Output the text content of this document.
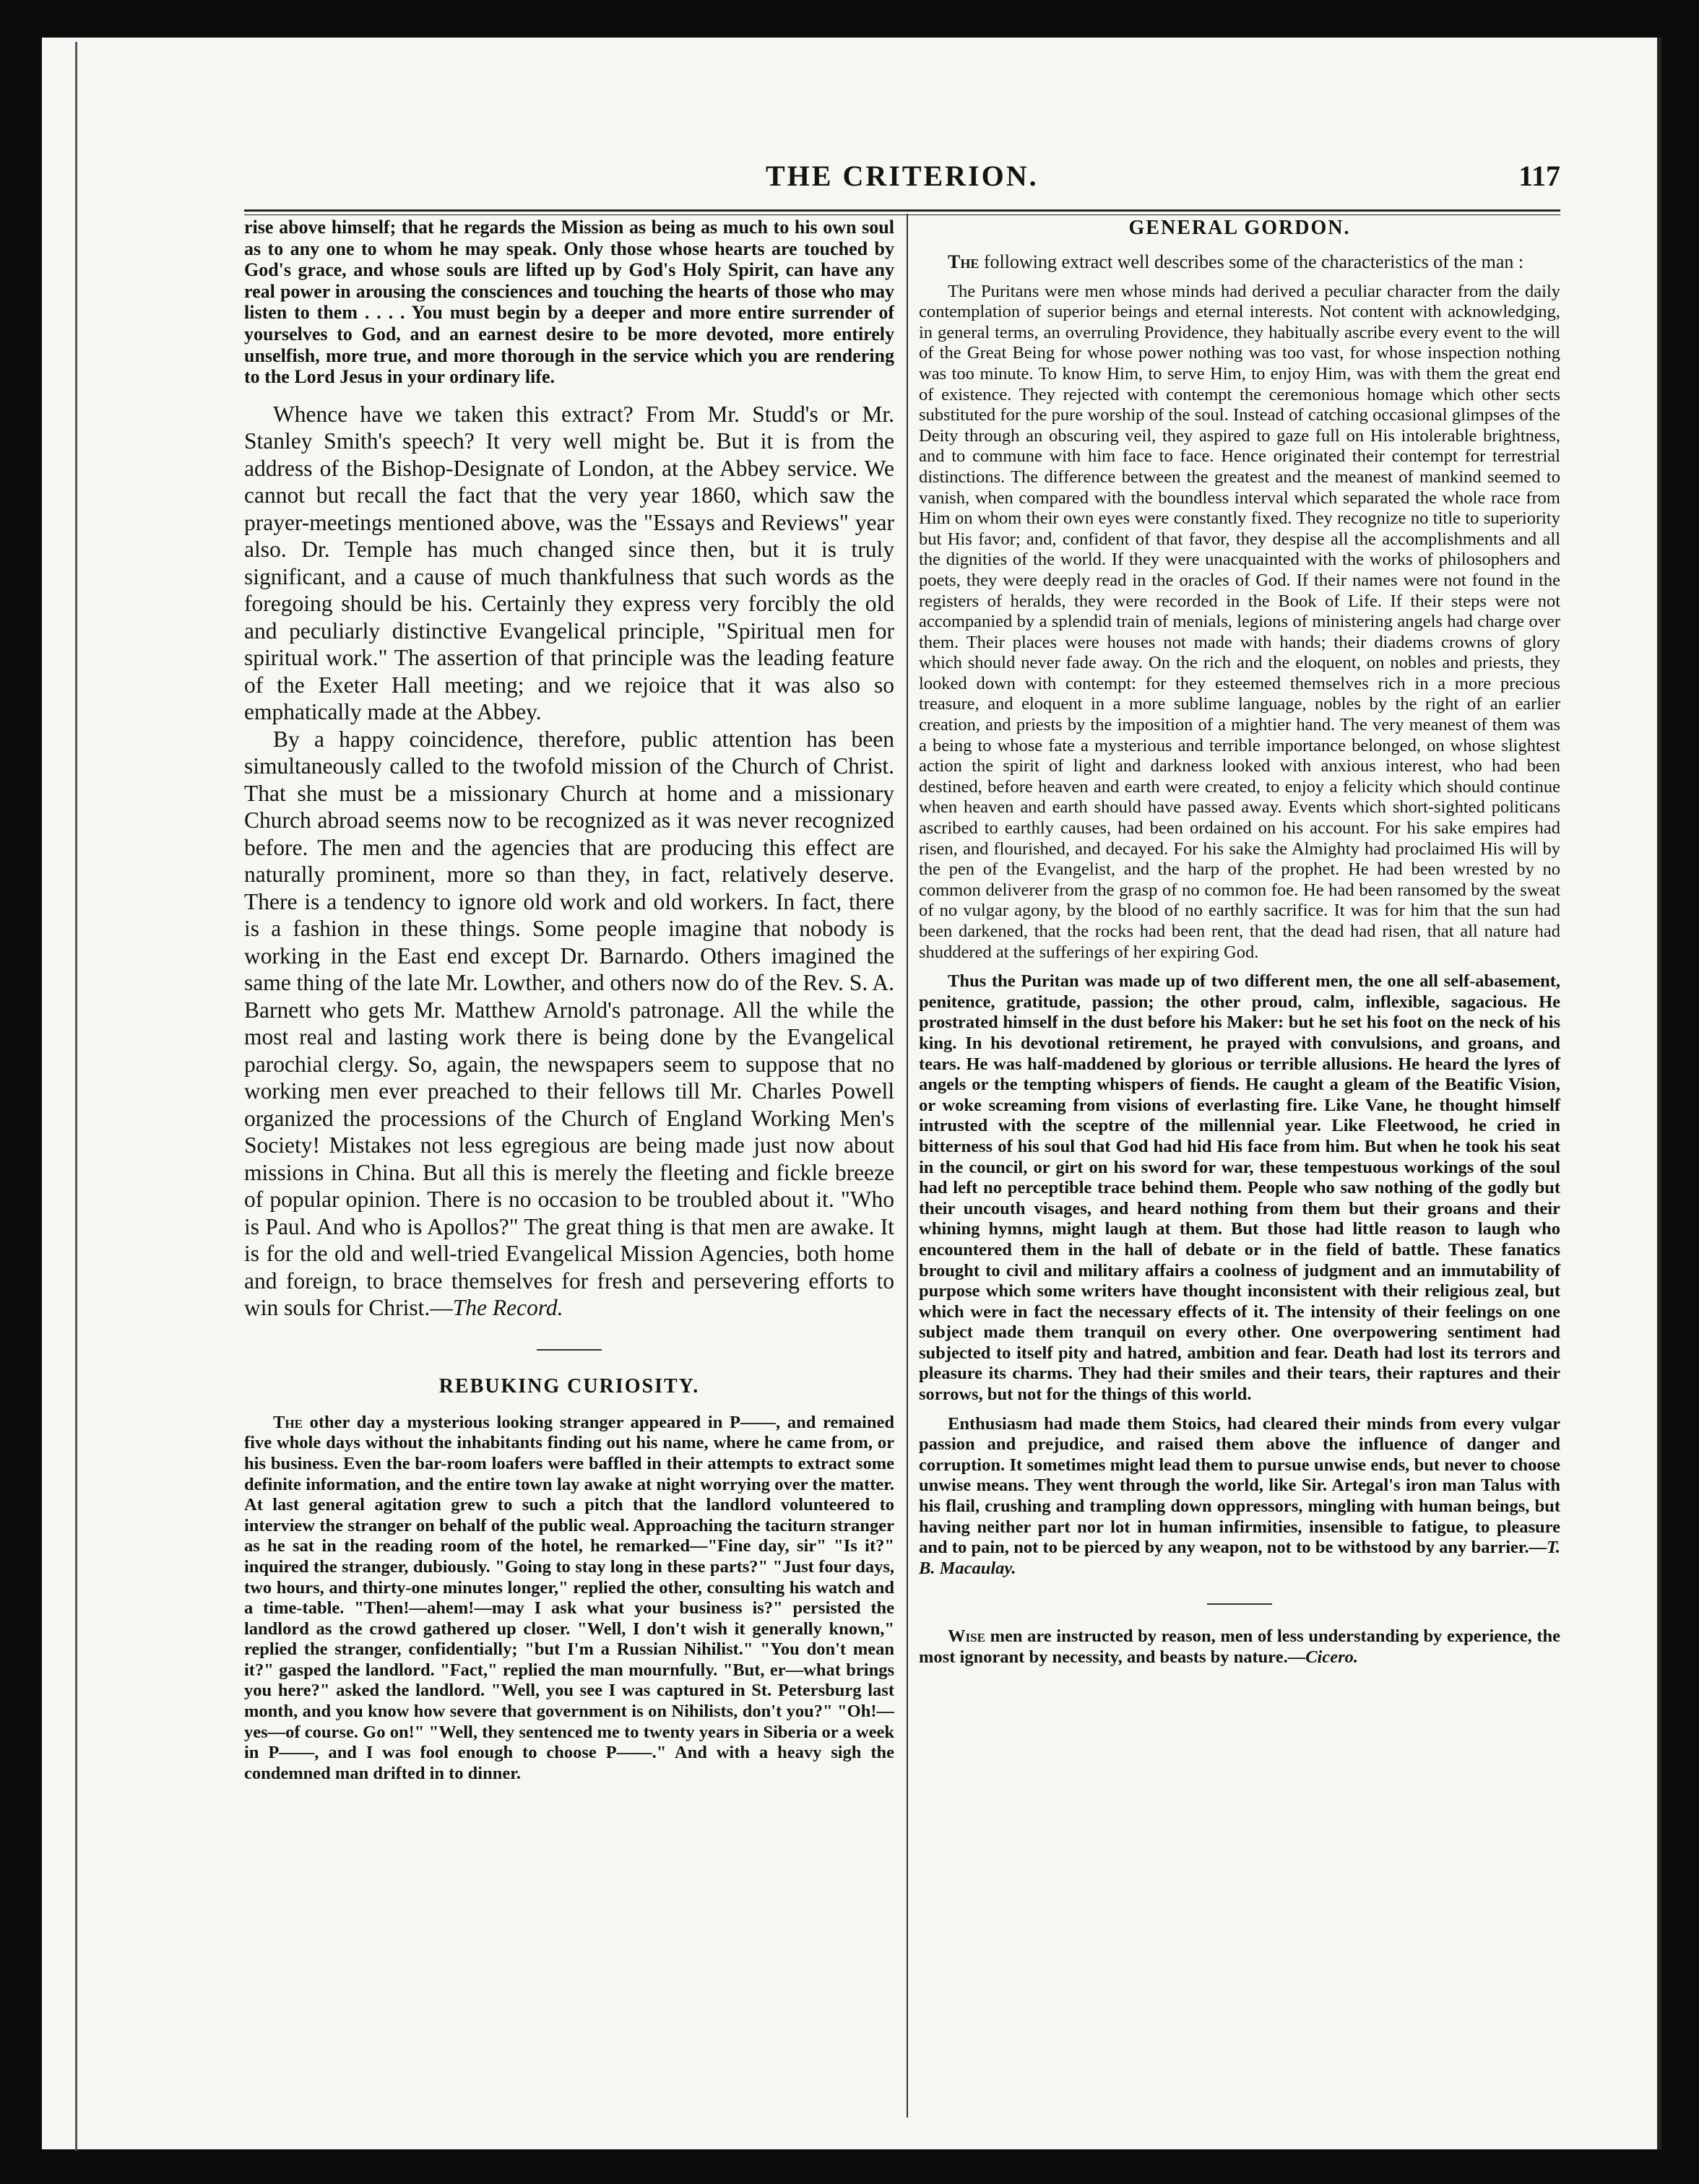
THE CRITERION.	117

rise above himself; that he regards the Mission as being as much to his own soul as to any one to whom he may speak. Only those whose hearts are touched by God's grace, and whose souls are lifted up by God's Holy Spirit, can have any real power in arousing the consciences and touching the hearts of those who may listen to them . . . . You must begin by a deeper and more entire surrender of yourselves to God, and an earnest desire to be more devoted, more entirely unselfish, more true, and more thorough in the service which you are rendering to the Lord Jesus in your ordinary life.

Whence have we taken this extract? From Mr. Studd's or Mr. Stanley Smith's speech? It very well might be. But it is from the address of the Bishop-Designate of London, at the Abbey service. We cannot but recall the fact that the very year 1860, which saw the prayer-meetings mentioned above, was the "Essays and Reviews" year also. Dr. Temple has much changed since then, but it is truly significant, and a cause of much thankfulness that such words as the foregoing should be his. Certainly they express very forcibly the old and peculiarly distinctive Evangelical principle, "Spiritual men for spiritual work." The assertion of that principle was the leading feature of the Exeter Hall meeting; and we rejoice that it was also so emphatically made at the Abbey.

By a happy coincidence, therefore, public attention has been simultaneously called to the twofold mission of the Church of Christ. That she must be a missionary Church at home and a missionary Church abroad seems now to be recognized as it was never recognized before. The men and the agencies that are producing this effect are naturally prominent, more so than they, in fact, relatively deserve. There is a tendency to ignore old work and old workers. In fact, there is a fashion in these things. Some people imagine that nobody is working in the East end except Dr. Barnardo. Others imagined the same thing of the late Mr. Lowther, and others now do of the Rev. S. A. Barnett who gets Mr. Matthew Arnold's patronage. All the while the most real and lasting work there is being done by the Evangelical parochial clergy. So, again, the newspapers seem to suppose that no working men ever preached to their fellows till Mr. Charles Powell organized the processions of the Church of England Working Men's Society! Mistakes not less egregious are being made just now about missions in China. But all this is merely the fleeting and fickle breeze of popular opinion. There is no occasion to be troubled about it. "Who is Paul. And who is Apollos?" The great thing is that men are awake. It is for the old and well-tried Evangelical Mission Agencies, both home and foreign, to brace themselves for fresh and persevering efforts to win souls for Christ.—The Record.

REBUKING CURIOSITY.

The other day a mysterious looking stranger appeared in P——, and remained five whole days without the inhabitants finding out his name, where he came from, or his business. Even the bar-room loafers were baffled in their attempts to extract some definite information, and the entire town lay awake at night worrying over the matter. At last general agitation grew to such a pitch that the landlord volunteered to interview the stranger on behalf of the public weal. Approaching the taciturn stranger as he sat in the reading room of the hotel, he remarked—"Fine day, sir" "Is it?" inquired the stranger, dubiously. "Going to stay long in these parts?" "Just four days, two hours, and thirty-one minutes longer," replied the other, consulting his watch and a time-table. "Then!—ahem!—may I ask what your business is?" persisted the landlord as the crowd gathered up closer. "Well, I don't wish it generally known," replied the stranger, confidentially; "but I'm a Russian Nihilist." "You don't mean it?" gasped the landlord. "Fact," replied the man mournfully. "But, er—what brings you here?" asked the landlord. "Well, you see I was captured in St. Petersburg last month, and you know how severe that government is on Nihilists, don't you?" "Oh!—yes—of course. Go on!" "Well, they sentenced me to twenty years in Siberia or a week in P——, and I was fool enough to choose P——." And with a heavy sigh the condemned man drifted in to dinner.

GENERAL GORDON.

The following extract well describes some of the characteristics of the man :

The Puritans were men whose minds had derived a peculiar character from the daily contemplation of superior beings and eternal interests. Not content with acknowledging, in general terms, an overruling Providence, they habitually ascribe every event to the will of the Great Being for whose power nothing was too vast, for whose inspection nothing was too minute. To know Him, to serve Him, to enjoy Him, was with them the great end of existence. They rejected with contempt the ceremonious homage which other sects substituted for the pure worship of the soul. Instead of catching occasional glimpses of the Deity through an obscuring veil, they aspired to gaze full on His intolerable brightness, and to commune with him face to face. Hence originated their contempt for terrestrial distinctions. The difference between the greatest and the meanest of mankind seemed to vanish, when compared with the boundless interval which separated the whole race from Him on whom their own eyes were constantly fixed. They recognize no title to superiority but His favor; and, confident of that favor, they despise all the accomplishments and all the dignities of the world. If they were unacquainted with the works of philosophers and poets, they were deeply read in the oracles of God. If their names were not found in the registers of heralds, they were recorded in the Book of Life. If their steps were not accompanied by a splendid train of menials, legions of ministering angels had charge over them. Their places were houses not made with hands; their diadems crowns of glory which should never fade away. On the rich and the eloquent, on nobles and priests, they looked down with contempt: for they esteemed themselves rich in a more precious treasure, and eloquent in a more sublime language, nobles by the right of an earlier creation, and priests by the imposition of a mightier hand. The very meanest of them was a being to whose fate a mysterious and terrible importance belonged, on whose slightest action the spirit of light and darkness looked with anxious interest, who had been destined, before heaven and earth were created, to enjoy a felicity which should continue when heaven and earth should have passed away. Events which short-sighted politicans ascribed to earthly causes, had been ordained on his account. For his sake empires had risen, and flourished, and decayed. For his sake the Almighty had proclaimed His will by the pen of the Evangelist, and the harp of the prophet. He had been wrested by no common deliverer from the grasp of no common foe. He had been ransomed by the sweat of no vulgar agony, by the blood of no earthly sacrifice. It was for him that the sun had been darkened, that the rocks had been rent, that the dead had risen, that all nature had shuddered at the sufferings of her expiring God.

Thus the Puritan was made up of two different men, the one all self-abasement, penitence, gratitude, passion; the other proud, calm, inflexible, sagacious. He prostrated himself in the dust before his Maker: but he set his foot on the neck of his king. In his devotional retirement, he prayed with convulsions, and groans, and tears. He was half-maddened by glorious or terrible allusions. He heard the lyres of angels or the tempting whispers of fiends. He caught a gleam of the Beatific Vision, or woke screaming from visions of everlasting fire. Like Vane, he thought himself intrusted with the sceptre of the millennial year. Like Fleetwood, he cried in bitterness of his soul that God had hid His face from him. But when he took his seat in the council, or girt on his sword for war, these tempestuous workings of the soul had left no perceptible trace behind them. People who saw nothing of the godly but their uncouth visages, and heard nothing from them but their groans and their whining hymns, might laugh at them. But those had little reason to laugh who encountered them in the hall of debate or in the field of battle. These fanatics brought to civil and military affairs a coolness of judgment and an immutability of purpose which some writers have thought inconsistent with their religious zeal, but which were in fact the necessary effects of it. The intensity of their feelings on one subject made them tranquil on every other. One overpowering sentiment had subjected to itself pity and hatred, ambition and fear. Death had lost its terrors and pleasure its charms. They had their smiles and their tears, their raptures and their sorrows, but not for the things of this world.

Enthusiasm had made them Stoics, had cleared their minds from every vulgar passion and prejudice, and raised them above the influence of danger and corruption. It sometimes might lead them to pursue unwise ends, but never to choose unwise means. They went through the world, like Sir. Artegal's iron man Talus with his flail, crushing and trampling down oppressors, mingling with human beings, but having neither part nor lot in human infirmities, insensible to fatigue, to pleasure and to pain, not to be pierced by any weapon, not to be withstood by any barrier.—T. B. Macaulay.

Wise men are instructed by reason, men of less understanding by experience, the most ignorant by necessity, and beasts by nature.—Cicero.
